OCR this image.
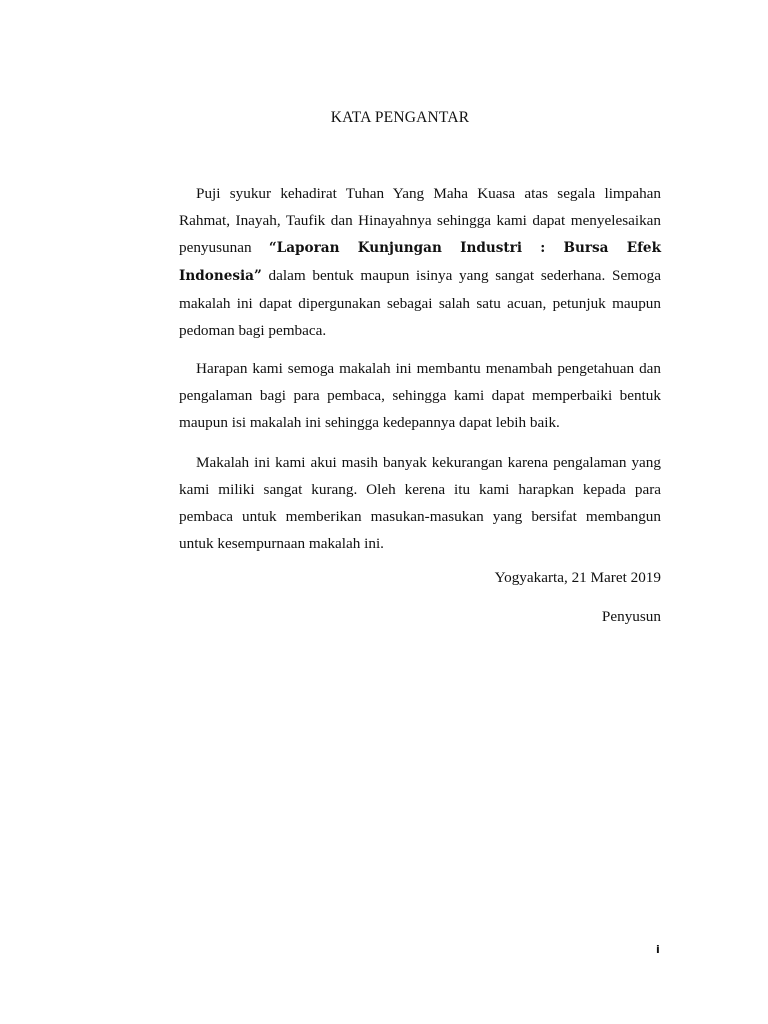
KATA PENGANTAR

Puji syukur kehadirat Tuhan Yang Maha Kuasa atas segala limpahan Rahmat, Inayah, Taufik dan Hinayahnya sehingga kami dapat menyelesaikan penyusunan “Laporan Kunjungan Industri : Bursa Efek Indonesia” dalam bentuk maupun isinya yang sangat sederhana. Semoga makalah ini dapat dipergunakan sebagai salah satu acuan, petunjuk maupun pedoman bagi pembaca.

Harapan kami semoga makalah ini membantu menambah pengetahuan dan pengalaman bagi para pembaca, sehingga kami dapat memperbaiki bentuk maupun isi makalah ini sehingga kedepannya dapat lebih baik.

Makalah ini kami akui masih banyak kekurangan karena pengalaman yang kami miliki sangat kurang. Oleh kerena itu kami harapkan kepada para pembaca untuk memberikan masukan-masukan yang bersifat membangun untuk kesempurnaan makalah ini.

Yogyakarta, 21 Maret 2019

Penyusun

i
